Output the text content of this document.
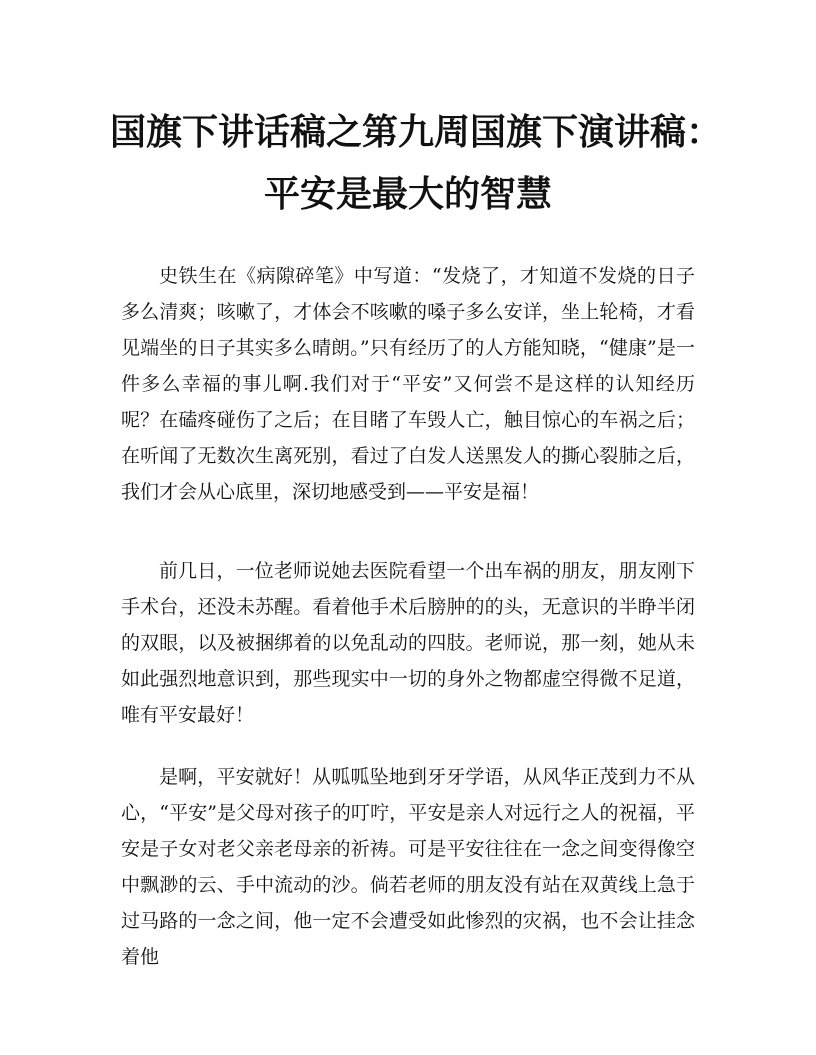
国旗下讲话稿之第九周国旗下演讲稿：
平安是最大的智慧

史铁生在《病隙碎笔》中写道：“发烧了，才知道不发烧的日子多么清爽；咳嗽了，才体会不咳嗽的嗓子多么安详，坐上轮椅，才看见端坐的日子其实多么晴朗。”只有经历了的人方能知晓，“健康”是一件多么幸福的事儿啊.我们对于“平安”又何尝不是这样的认知经历呢？在磕疼碰伤了之后；在目睹了车毁人亡，触目惊心的车祸之后；在听闻了无数次生离死别，看过了白发人送黑发人的撕心裂肺之后，我们才会从心底里，深切地感受到——平安是福！

前几日，一位老师说她去医院看望一个出车祸的朋友，朋友刚下手术台，还没未苏醒。看着他手术后膀肿的的头，无意识的半睁半闭的双眼，以及被捆绑着的以免乱动的四肢。老师说，那一刻，她从未如此强烈地意识到，那些现实中一切的身外之物都虚空得微不足道，唯有平安最好！

是啊，平安就好！从呱呱坠地到牙牙学语，从风华正茂到力不从心，“平安”是父母对孩子的叮咛，平安是亲人对远行之人的祝福，平安是子女对老父亲老母亲的祈祷。可是平安往往在一念之间变得像空中飘渺的云、手中流动的沙。倘若老师的朋友没有站在双黄线上急于过马路的一念之间，他一定不会遭受如此惨烈的灾祸，也不会让挂念着他
